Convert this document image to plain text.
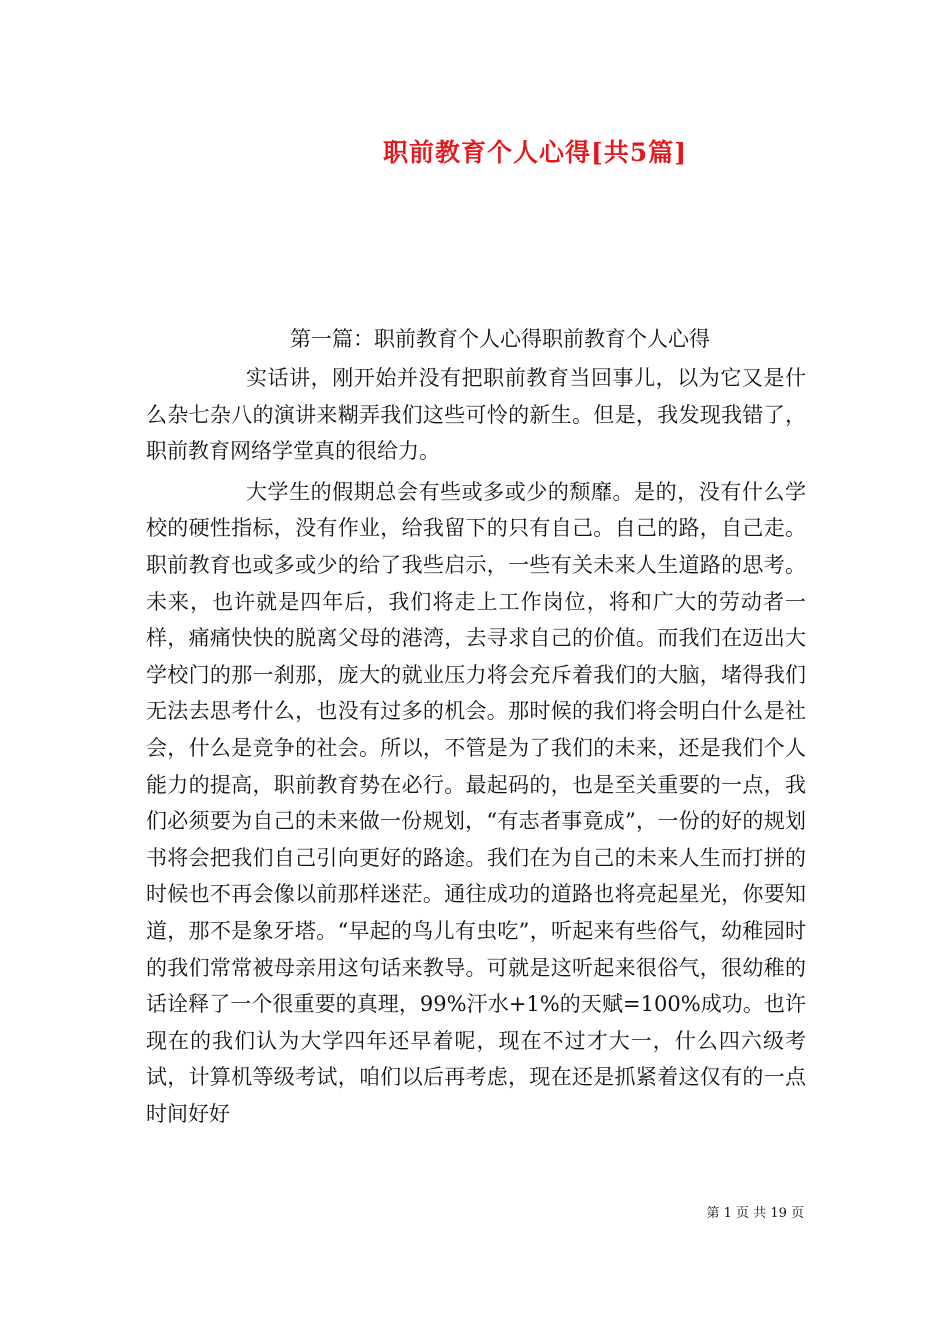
职前教育个人心得[共5篇]
第一篇：职前教育个人心得职前教育个人心得

实话讲，刚开始并没有把职前教育当回事儿，以为它又是什么杂七杂八的演讲来糊弄我们这些可怜的新生。但是，我发现我错了，职前教育网络学堂真的很给力。

大学生的假期总会有些或多或少的颓靡。是的，没有什么学校的硬性指标，没有作业，给我留下的只有自己。自己的路，自己走。职前教育也或多或少的给了我些启示，一些有关未来人生道路的思考。未来，也许就是四年后，我们将走上工作岗位，将和广大的劳动者一样，痛痛快快的脱离父母的港湾，去寻求自己的价值。而我们在迈出大学校门的那一刹那，庞大的就业压力将会充斥着我们的大脑，堵得我们无法去思考什么，也没有过多的机会。那时候的我们将会明白什么是社会，什么是竞争的社会。所以，不管是为了我们的未来，还是我们个人能力的提高，职前教育势在必行。最起码的，也是至关重要的一点，我们必须要为自己的未来做一份规划，“有志者事竟成”，一份的好的规划书将会把我们自己引向更好的路途。我们在为自己的未来人生而打拼的时候也不再会像以前那样迷茫。通往成功的道路也将亮起星光，你要知道，那不是象牙塔。“早起的鸟儿有虫吃”，听起来有些俗气，幼稚园时的我们常常被母亲用这句话来教导。可就是这听起来很俗气，很幼稚的话诠释了一个很重要的真理，99%汗水+1%的天赋=100%成功。也许现在的我们认为大学四年还早着呢，现在不过才大一，什么四六级考试，计算机等级考试，咱们以后再考虑，现在还是抓紧着这仅有的一点时间好好

第 1 页 共 19 页
